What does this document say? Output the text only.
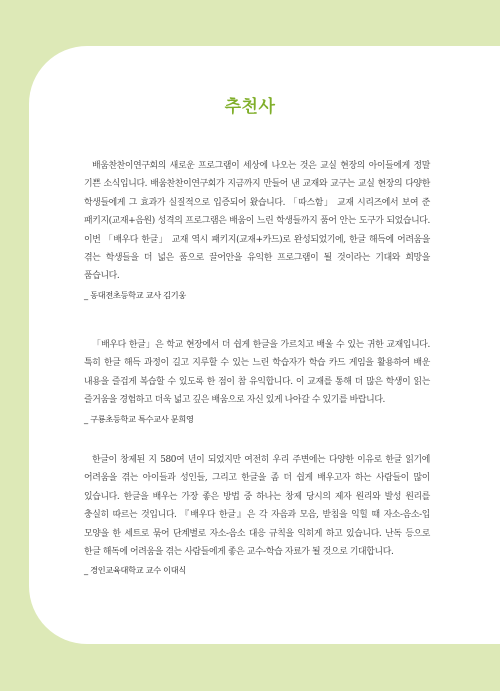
추천사

배움찬찬이연구회의 새로운 프로그램이 세상에 나오는 것은 교실 현장의 아이들에게 정말 기쁜 소식입니다. 배움찬찬이연구회가 지금까지 만들어 낸 교재와 교구는 교실 현장의 다양한 학생들에게 그 효과가 실질적으로 입증되어 왔습니다. 「따스함」 교재 시리즈에서 보여 준 패키지(교재+음원) 성격의 프로그램은 배움이 느린 학생들까지 품어 안는 도구가 되었습니다. 이번 「배우다 한글」 교재 역시 패키지(교재+카드)로 완성되었기에, 한글 해득에 어려움을 겪는 학생들을 더 넓은 품으로 끌어안을 유익한 프로그램이 될 것이라는 기대와 희망을 품습니다.

_ 동대전초등학교 교사 김기웅

「배우다 한글」은 학교 현장에서 더 쉽게 한글을 가르치고 배울 수 있는 귀한 교재입니다. 특히 한글 해득 과정이 길고 지루할 수 있는 느린 학습자가 학습 카드 게임을 활용하여 배운 내용을 즐겁게 복습할 수 있도록 한 점이 참 유익합니다. 이 교재를 통해 더 많은 학생이 읽는 즐거움을 경험하고 더욱 넓고 깊은 배움으로 자신 있게 나아갈 수 있기를 바랍니다.

_ 구룡초등학교 특수교사 문희영

한글이 창제된 지 580여 년이 되었지만 여전히 우리 주변에는 다양한 이유로 한글 읽기에 어려움을 겪는 아이들과 성인들, 그리고 한글을 좀 더 쉽게 배우고자 하는 사람들이 많이 있습니다. 한글을 배우는 가장 좋은 방법 중 하나는 창제 당시의 제자 원리와 발성 원리를 충실히 따르는 것입니다. 『배우다 한글』은 각 자음과 모음, 받침을 익힐 때 자소-음소-입 모양을 한 세트로 묶어 단계별로 자소-음소 대응 규칙을 익히게 하고 있습니다. 난독 등으로 한글 해독에 어려움을 겪는 사람들에게 좋은 교수-학습 자료가 될 것으로 기대합니다.

_ 경인교육대학교 교수 이대식
